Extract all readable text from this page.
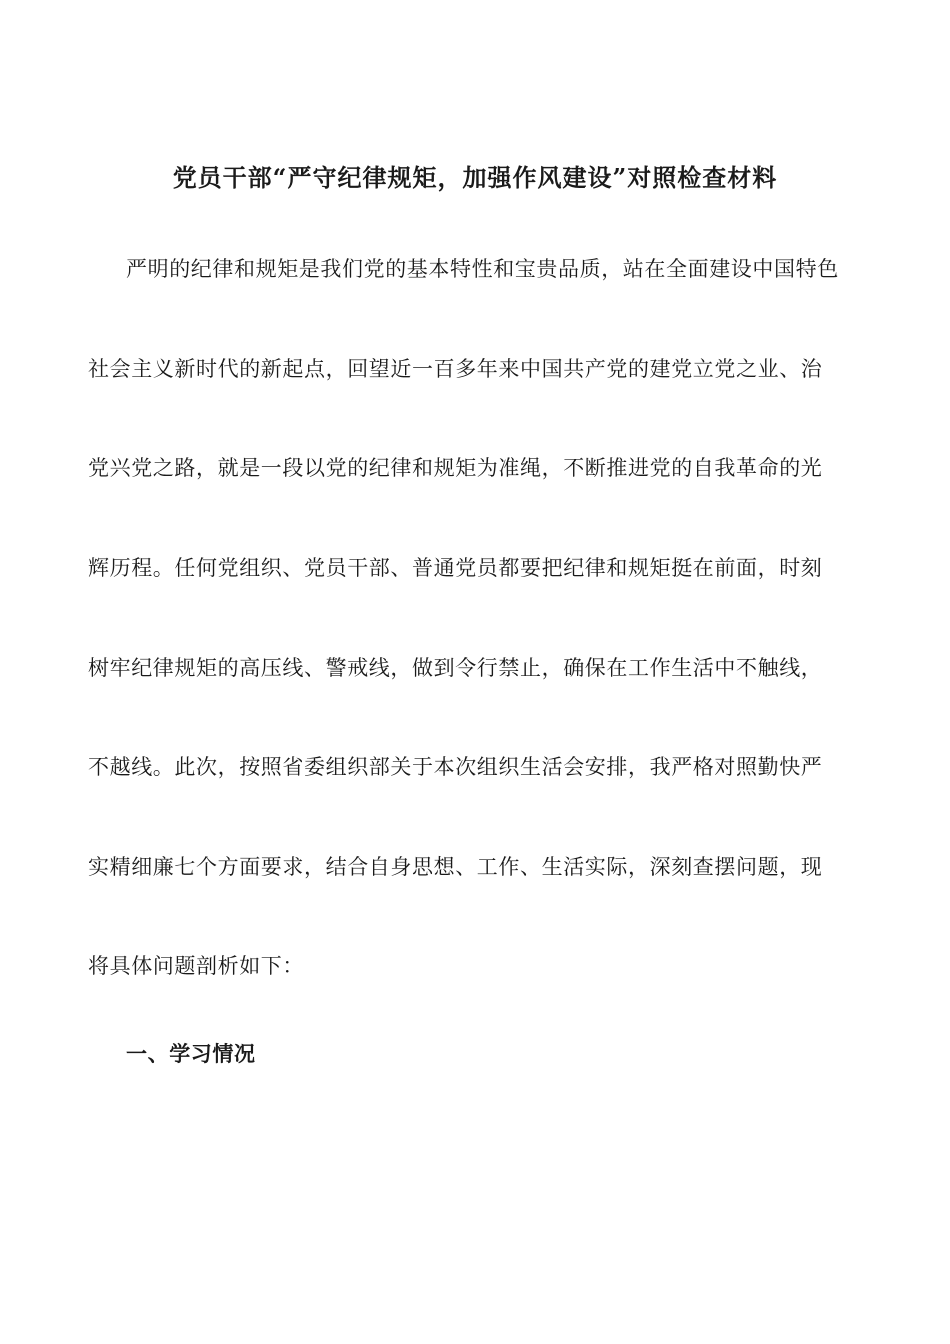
党员干部“严守纪律规矩，加强作风建设”对照检查材料
严明的纪律和规矩是我们党的基本特性和宝贵品质，站在全面建设中国特色
社会主义新时代的新起点，回望近一百多年来中国共产党的建党立党之业、治
党兴党之路，就是一段以党的纪律和规矩为准绳，不断推进党的自我革命的光
辉历程。任何党组织、党员干部、普通党员都要把纪律和规矩挺在前面，时刻
树牢纪律规矩的高压线、警戒线，做到令行禁止，确保在工作生活中不触线，
不越线。此次，按照省委组织部关于本次组织生活会安排，我严格对照勤快严
实精细廉七个方面要求，结合自身思想、工作、生活实际，深刻查摆问题，现
将具体问题剖析如下：
一、学习情况
